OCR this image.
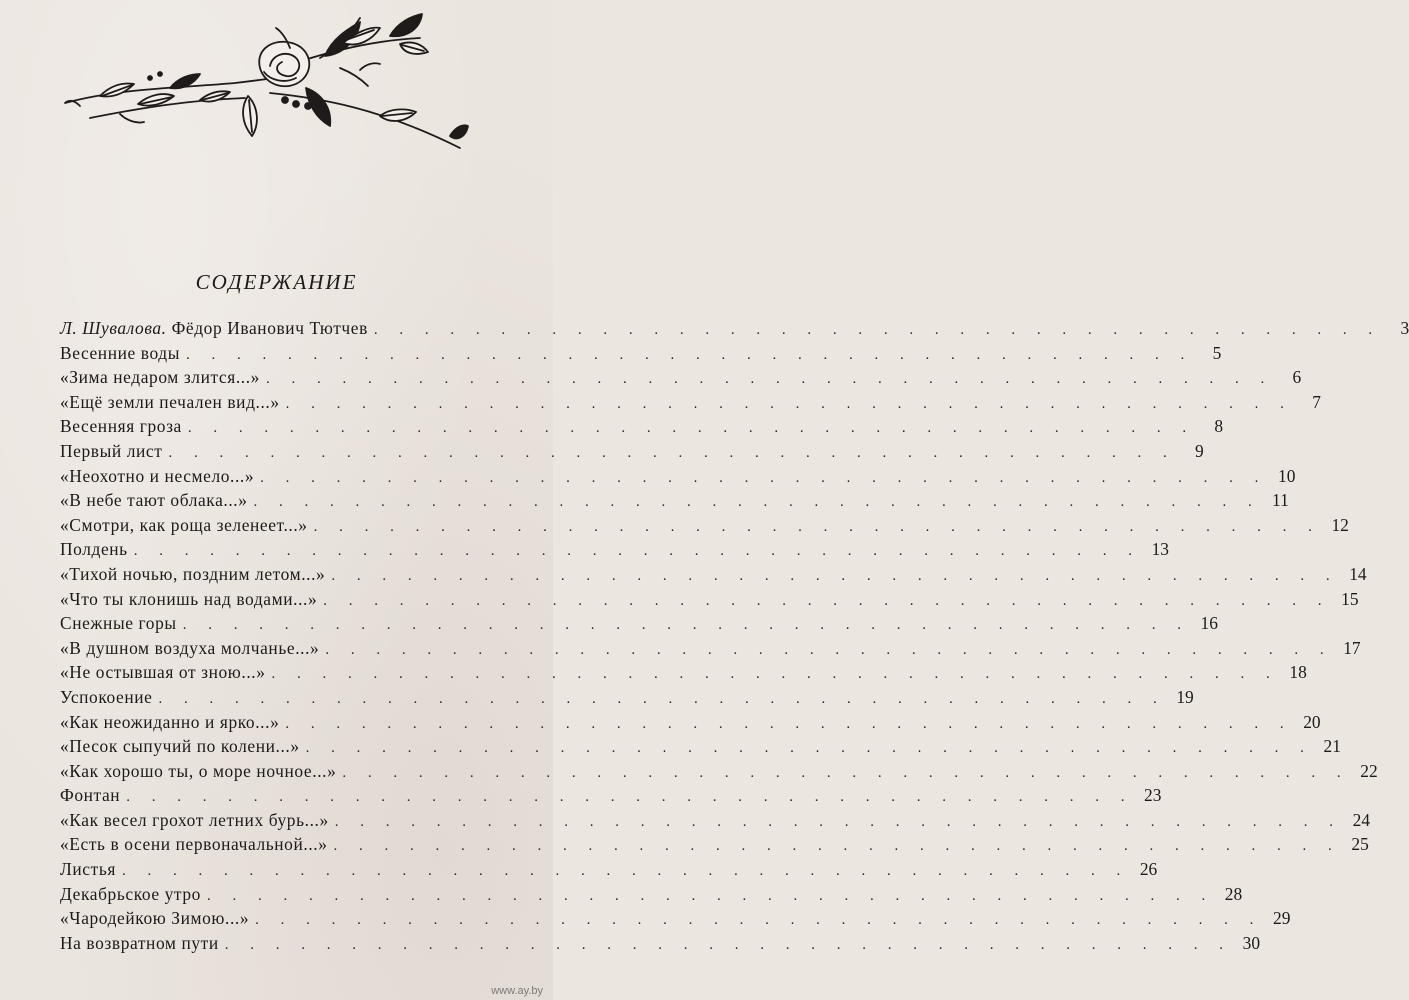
СОДЕРЖАНИЕ
Л. Шувалова. Фёдор Иванович Тютчев . . . . . . . . . . . . . . . . . . . . . . . . . . . . . . . . . . . . . . . .	3
Весенние воды . . . . . . . . . . . . . . . . . . . . . . . . . . . . . . . . . . . . . . . .	5
«Зима недаром злится...» . . . . . . . . . . . . . . . . . . . . . . . . . . . . . . . . . . . . . . . .	6
«Ещё земли печален вид...» . . . . . . . . . . . . . . . . . . . . . . . . . . . . . . . . . . . . . . . .	7
Весенняя гроза . . . . . . . . . . . . . . . . . . . . . . . . . . . . . . . . . . . . . . . .	8
Первый лист . . . . . . . . . . . . . . . . . . . . . . . . . . . . . . . . . . . . . . . .	9
«Неохотно и несмело...» . . . . . . . . . . . . . . . . . . . . . . . . . . . . . . . . . . . . . . . . 10
«В небе тают облака...» . . . . . . . . . . . . . . . . . . . . . . . . . . . . . . . . . . . . . . . . 11
«Смотри, как роща зеленеет...» . . . . . . . . . . . . . . . . . . . . . . . . . . . . . . . . . . . . . . . . 12
Полдень . . . . . . . . . . . . . . . . . . . . . . . . . . . . . . . . . . . . . . . . 13
«Тихой ночью, поздним летом...» . . . . . . . . . . . . . . . . . . . . . . . . . . . . . . . . . . . . . . . . 14
«Что ты клонишь над водами...» . . . . . . . . . . . . . . . . . . . . . . . . . . . . . . . . . . . . . . . . 15
Снежные горы . . . . . . . . . . . . . . . . . . . . . . . . . . . . . . . . . . . . . . . . 16
«В душном воздуха молчанье...» . . . . . . . . . . . . . . . . . . . . . . . . . . . . . . . . . . . . . . . . 17
«Не остывшая от зною...» . . . . . . . . . . . . . . . . . . . . . . . . . . . . . . . . . . . . . . . . 18
Успокоение . . . . . . . . . . . . . . . . . . . . . . . . . . . . . . . . . . . . . . . . 19
«Как неожиданно и ярко...» . . . . . . . . . . . . . . . . . . . . . . . . . . . . . . . . . . . . . . . . 20
«Песок сыпучий по колени...» . . . . . . . . . . . . . . . . . . . . . . . . . . . . . . . . . . . . . . . . 21
«Как хорошо ты, о море ночное...» . . . . . . . . . . . . . . . . . . . . . . . . . . . . . . . . . . . . . . . . 22
Фонтан . . . . . . . . . . . . . . . . . . . . . . . . . . . . . . . . . . . . . . . . 23
«Как весел грохот летних бурь...» . . . . . . . . . . . . . . . . . . . . . . . . . . . . . . . . . . . . . . . . 24
«Есть в осени первоначальной...» . . . . . . . . . . . . . . . . . . . . . . . . . . . . . . . . . . . . . . . . 25
Листья . . . . . . . . . . . . . . . . . . . . . . . . . . . . . . . . . . . . . . . . 26
Декабрьское утро . . . . . . . . . . . . . . . . . . . . . . . . . . . . . . . . . . . . . . . . 28
«Чародейкою Зимою...» . . . . . . . . . . . . . . . . . . . . . . . . . . . . . . . . . . . . . . . . 29
На возвратном пути . . . . . . . . . . . . . . . . . . . . . . . . . . . . . . . . . . . . . . . . 30
www.ay.by
